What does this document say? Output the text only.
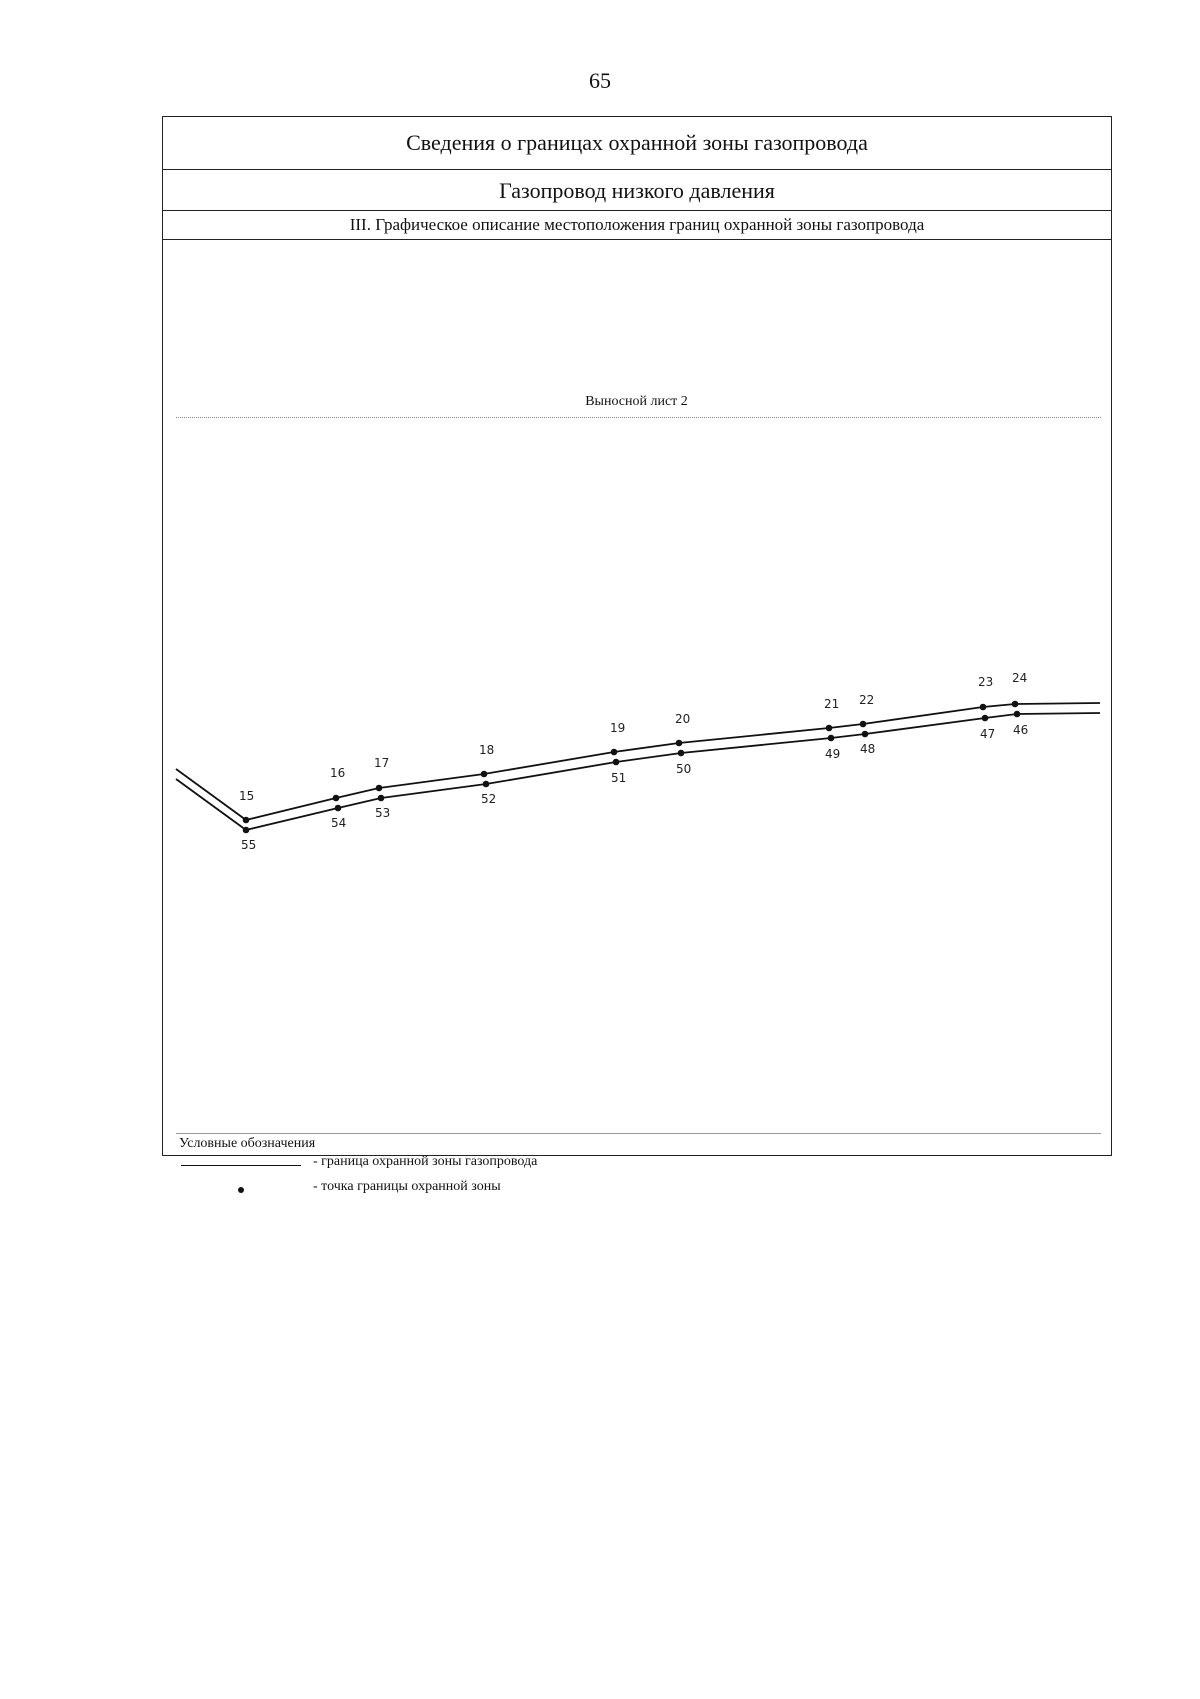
65
Сведения о границах охранной зоны газопровода
Газопровод низкого давления
III. Графическое описание местоположения границ охранной зоны газопровода
15
16
17
18
19
20
21 22
23 24
55
54
53
52
51
50
49 48
47 46
Выносной лист 2
Условные обозначения
- граница охранной зоны газопровода
- точка границы охранной зоны
